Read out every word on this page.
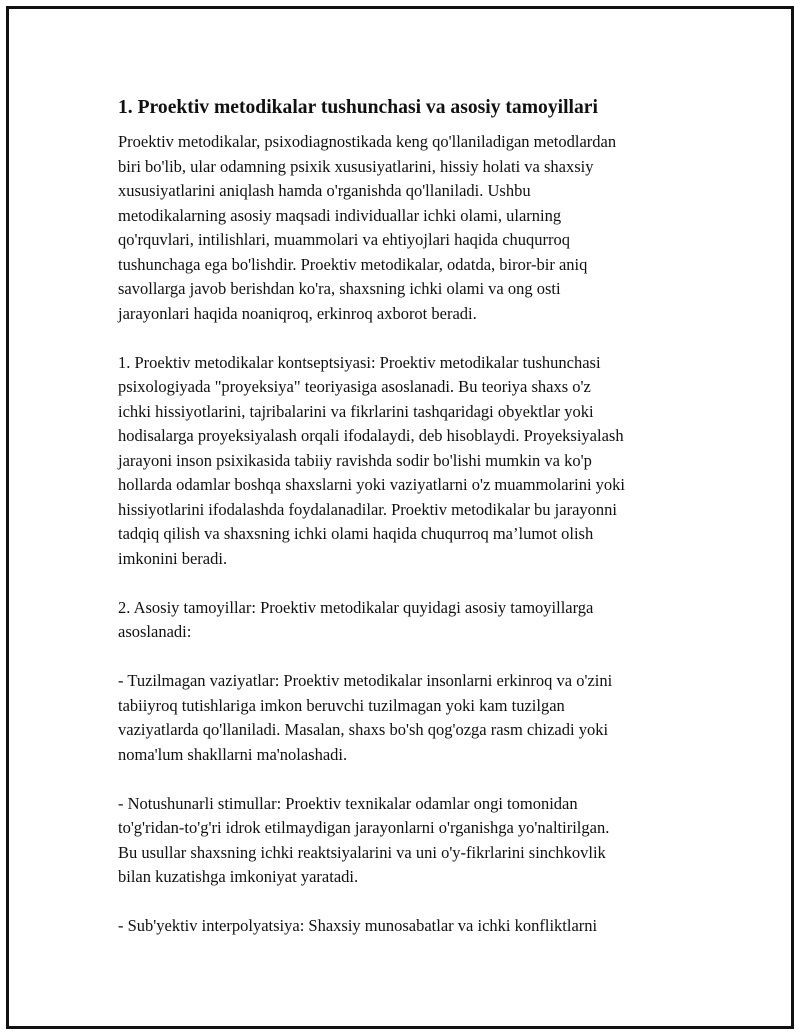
1. Proektiv metodikalar tushunchasi va asosiy tamoyillari

Proektiv metodikalar, psixodiagnostikada keng qo'llaniladigan metodlardan
biri bo'lib, ular odamning psixik xususiyatlarini, hissiy holati va shaxsiy
xususiyatlarini aniqlash hamda o'rganishda qo'llaniladi. Ushbu
metodikalarning asosiy maqsadi individuallar ichki olami, ularning
qo'rquvlari, intilishlari, muammolari va ehtiyojlari haqida chuqurroq
tushunchaga ega bo'lishdir. Proektiv metodikalar, odatda, biror-bir aniq
savollarga javob berishdan ko'ra, shaxsning ichki olami va ong osti
jarayonlari haqida noaniqroq, erkinroq axborot beradi.

1. Proektiv metodikalar kontseptsiyasi: Proektiv metodikalar tushunchasi
psixologiyada "proyeksiya" teoriyasiga asoslanadi. Bu teoriya shaxs o'z
ichki hissiyotlarini, tajribalarini va fikrlarini tashqaridagi obyektlar yoki
hodisalarga proyeksiyalash orqali ifodalaydi, deb hisoblaydi. Proyeksiyalash
jarayoni inson psixikasida tabiiy ravishda sodir bo'lishi mumkin va ko'p
hollarda odamlar boshqa shaxslarni yoki vaziyatlarni o'z muammolarini yoki
hissiyotlarini ifodalashda foydalanadilar. Proektiv metodikalar bu jarayonni
tadqiq qilish va shaxsning ichki olami haqida chuqurroq ma’lumot olish
imkonini beradi.

2. Asosiy tamoyillar: Proektiv metodikalar quyidagi asosiy tamoyillarga
asoslanadi:

- Tuzilmagan vaziyatlar: Proektiv metodikalar insonlarni erkinroq va o'zini
tabiiyroq tutishlariga imkon beruvchi tuzilmagan yoki kam tuzilgan
vaziyatlarda qo'llaniladi. Masalan, shaxs bo'sh qog'ozga rasm chizadi yoki
noma'lum shakllarni ma'nolashadi.

- Notushunarli stimullar: Proektiv texnikalar odamlar ongi tomonidan
to'g'ridan-to'g'ri idrok etilmaydigan jarayonlarni o'rganishga yo'naltirilgan.
Bu usullar shaxsning ichki reaktsiyalarini va uni o'y-fikrlarini sinchkovlik
bilan kuzatishga imkoniyat yaratadi.

- Sub'yektiv interpolyatsiya: Shaxsiy munosabatlar va ichki konfliktlarni
